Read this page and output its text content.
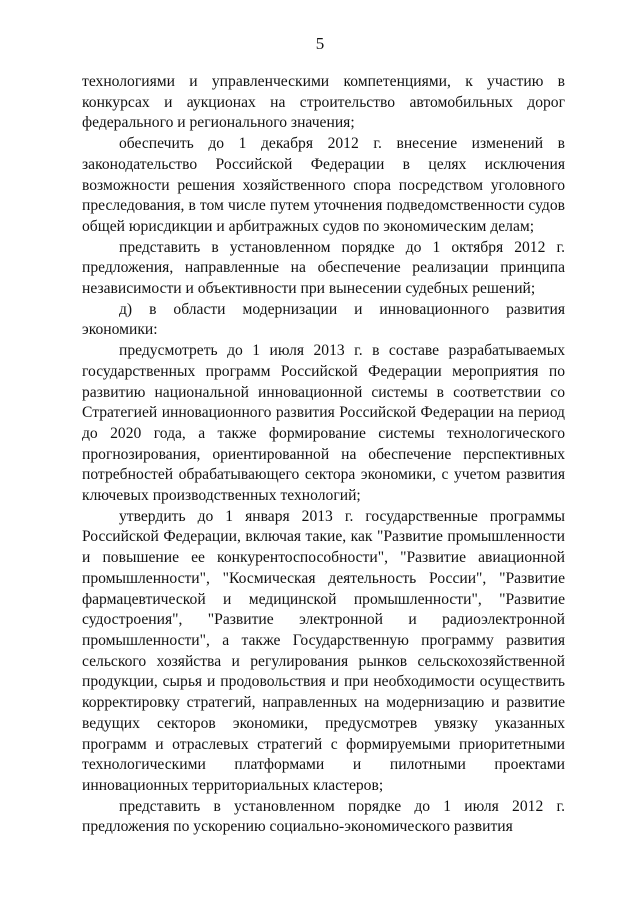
5

технологиями и управленческими компетенциями, к участию в конкурсах и аукционах на строительство автомобильных дорог федерального и регионального значения;

обеспечить до 1 декабря 2012 г. внесение изменений в законодательство Российской Федерации в целях исключения возможности решения хозяйственного спора посредством уголовного преследования, в том числе путем уточнения подведомственности судов общей юрисдикции и арбитражных судов по экономическим делам;

представить в установленном порядке до 1 октября 2012 г. предложения, направленные на обеспечение реализации принципа независимости и объективности при вынесении судебных решений;

д) в области модернизации и инновационного развития экономики:

предусмотреть до 1 июля 2013 г. в составе разрабатываемых государственных программ Российской Федерации мероприятия по развитию национальной инновационной системы в соответствии со Стратегией инновационного развития Российской Федерации на период до 2020 года, а также формирование системы технологического прогнозирования, ориентированной на обеспечение перспективных потребностей обрабатывающего сектора экономики, с учетом развития ключевых производственных технологий;

утвердить до 1 января 2013 г. государственные программы Российской Федерации, включая такие, как "Развитие промышленности и повышение ее конкурентоспособности", "Развитие авиационной промышленности", "Космическая деятельность России", "Развитие фармацевтической и медицинской промышленности", "Развитие судостроения", "Развитие электронной и радиоэлектронной промышленности", а также Государственную программу развития сельского хозяйства и регулирования рынков сельскохозяйственной продукции, сырья и продовольствия и при необходимости осуществить корректировку стратегий, направленных на модернизацию и развитие ведущих секторов экономики, предусмотрев увязку указанных программ и отраслевых стратегий с формируемыми приоритетными технологическими платформами и пилотными проектами инновационных территориальных кластеров;

представить в установленном порядке до 1 июля 2012 г. предложения по ускорению социально-экономического развития
